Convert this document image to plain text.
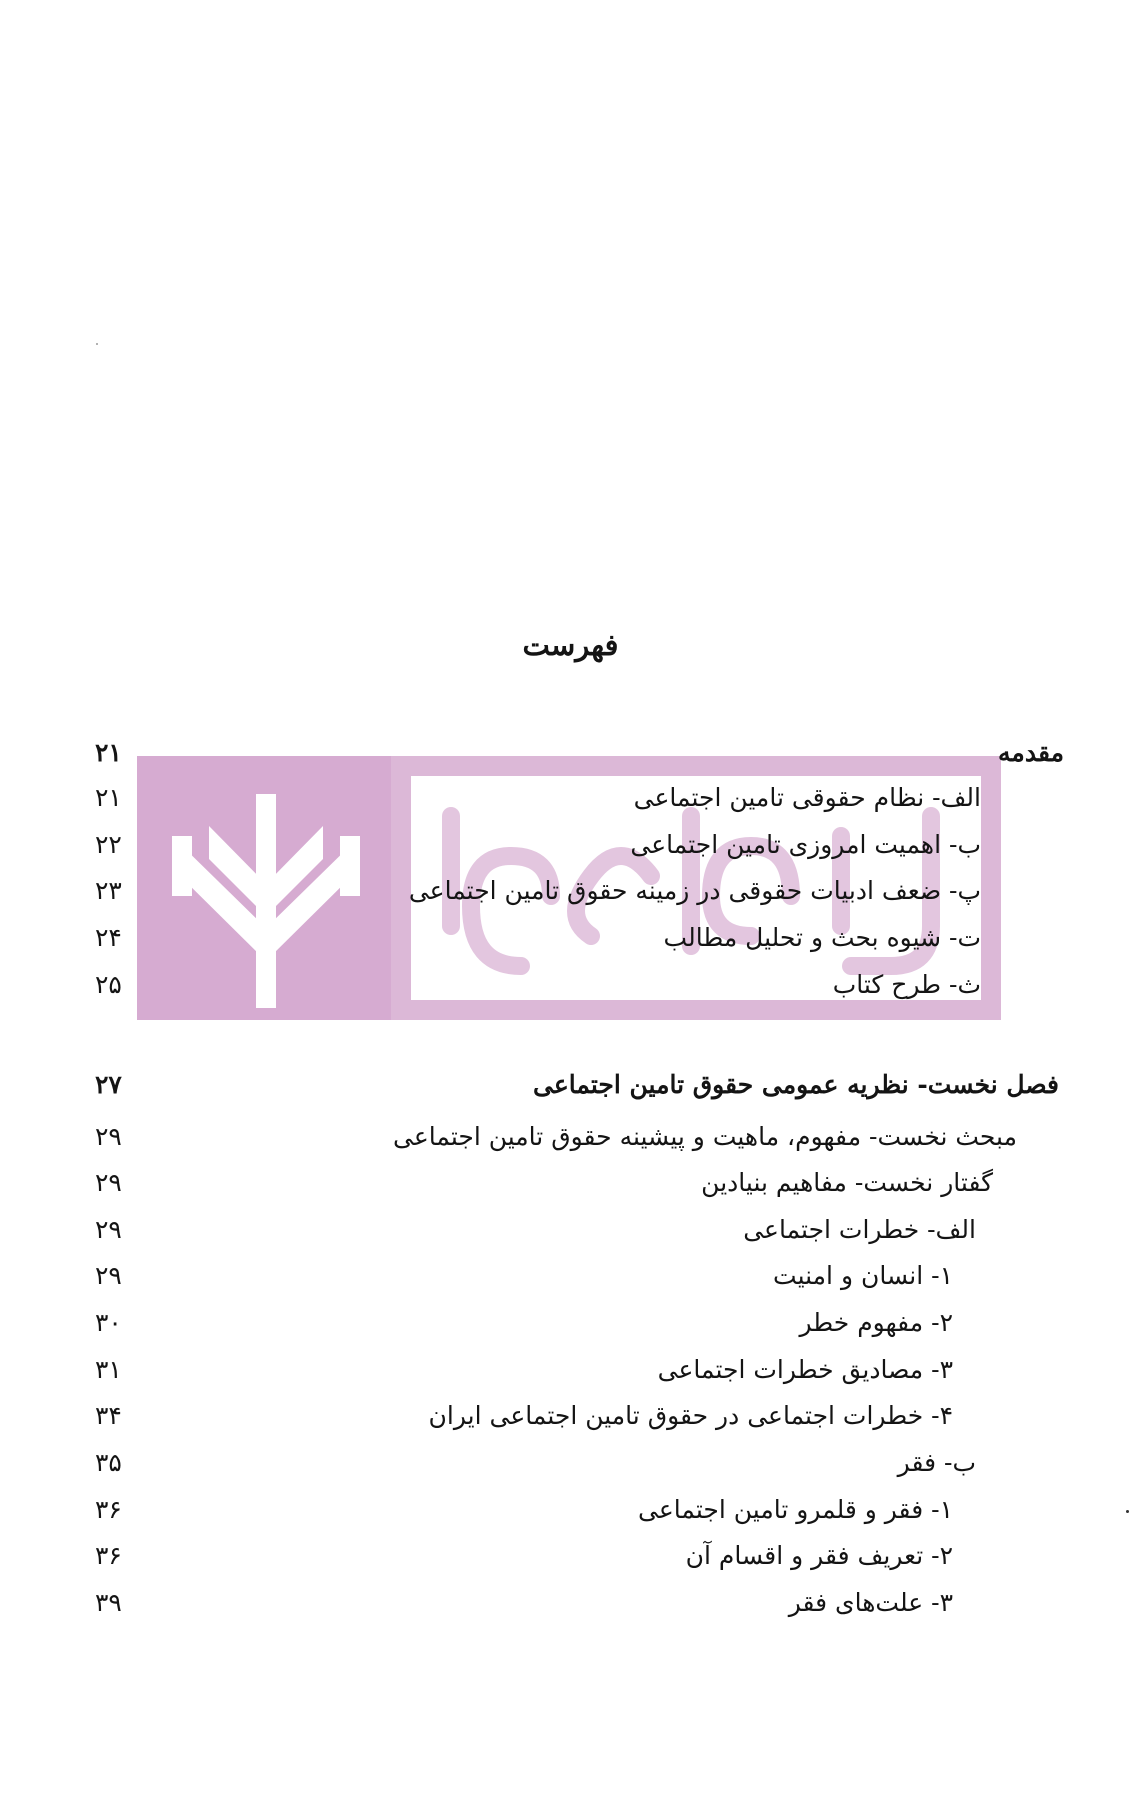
فهرست
مقدمه
۲۱
الف- نظام حقوقی تامین اجتماعی
۲۱
ب- اهمیت امروزی تامین اجتماعی
۲۲
پ- ضعف ادبیات حقوقی در زمینه حقوق تامین اجتماعی
۲۳
ت- شیوه بحث و تحلیل مطالب
۲۴
ث- طرح کتاب
۲۵
فصل نخست- نظریه عمومی حقوق تامین اجتماعی
۲۷
مبحث نخست- مفهوم، ماهیت و پیشینه حقوق تامین اجتماعی
۲۹
گفتار نخست- مفاهیم بنیادین
۲۹
الف- خطرات اجتماعی
۲۹
۱- انسان و امنیت
۲۹
۲- مفهوم خطر
۳۰
۳- مصادیق خطرات اجتماعی
۳۱
۴- خطرات اجتماعی در حقوق تامین اجتماعی ایران
۳۴
ب- فقر
۳۵
۱- فقر و قلمرو تامین اجتماعی
۳۶
۲- تعریف فقر و اقسام آن
۳۶
۳- علت‌های فقر
۳۹
